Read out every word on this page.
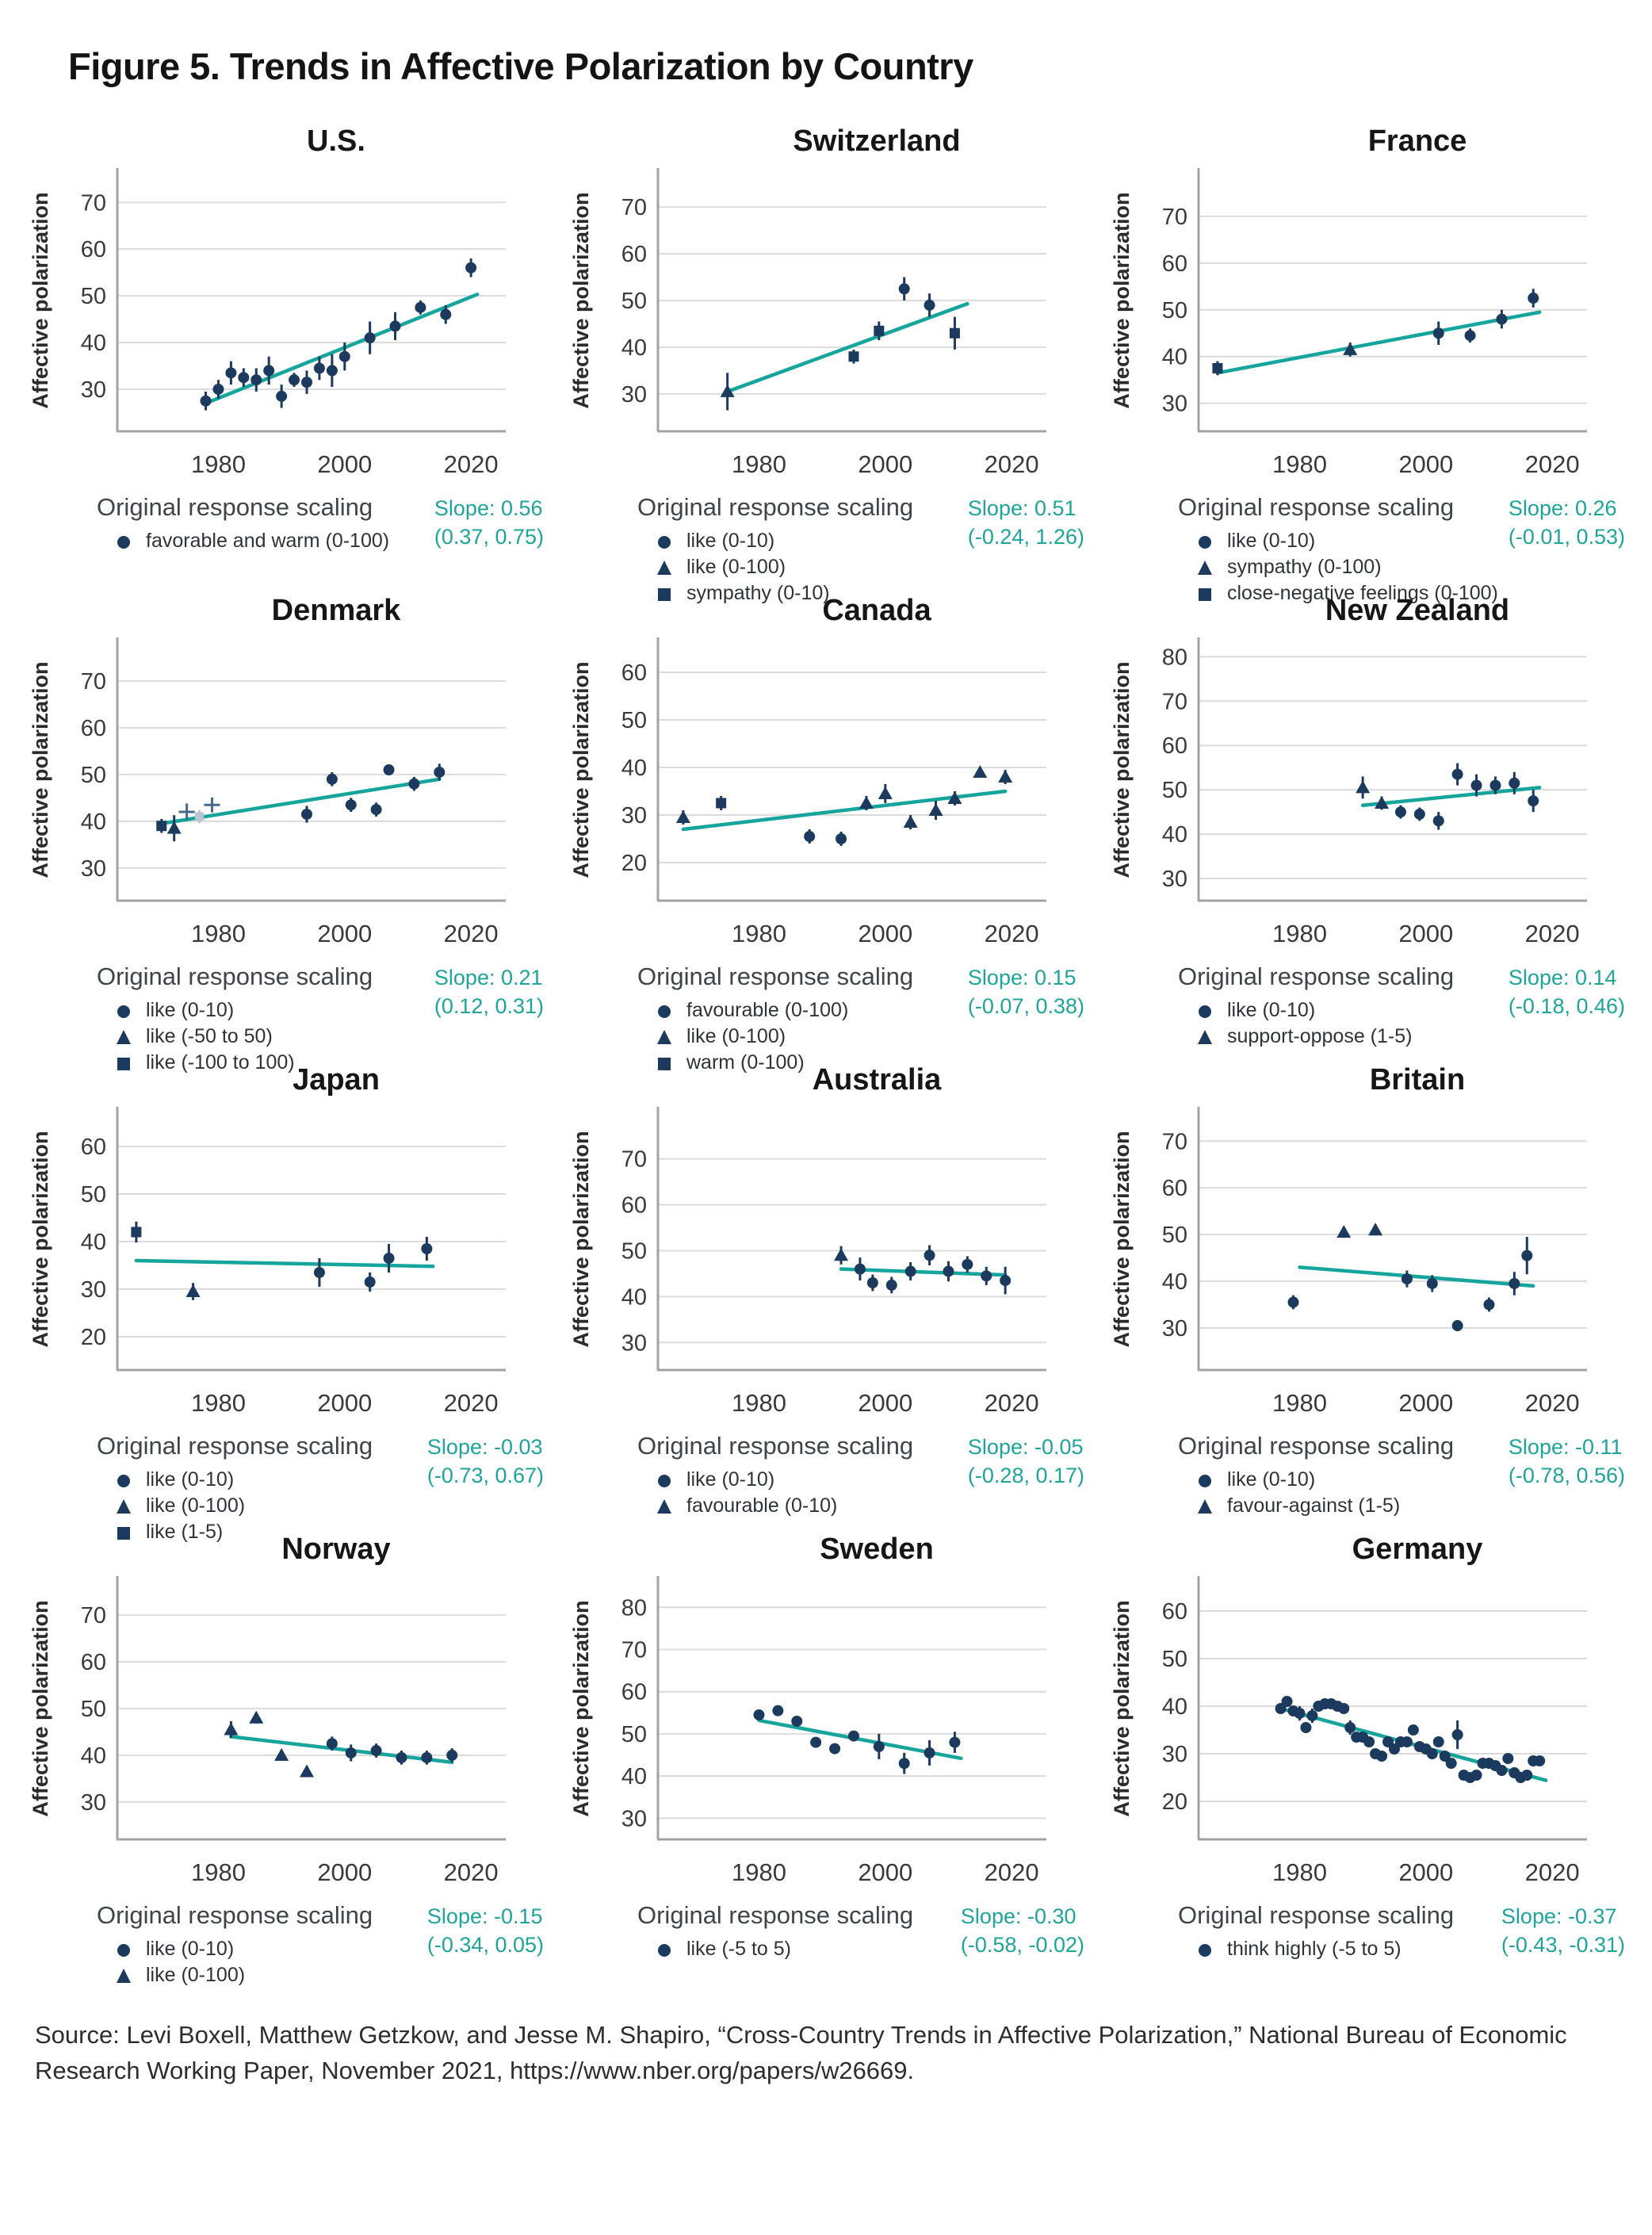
Figure 5. Trends in Affective Polarization by Country
U.S.
30
40
50
60
70
1980	2000	2020
Affective polarization
Original response scaling
favorable and warm (0-100)
Slope: 0.56
(0.37, 0.75)
Switzerland
30
40
50
60
70
1980	2000	2020
Affective polarization
Original response scaling
like (0-10)
like (0-100)
sympathy (0-10)
Slope: 0.51
(-0.24, 1.26)
France
30
40
50
60
70
1980	2000	2020
Affective polarization
Original response scaling
like (0-10)
sympathy (0-100)
close-negative feelings (0-100)
Slope: 0.26
(-0.01, 0.53)
Denmark
30
40
50
60
70
1980	2000	2020
Affective polarization
Original response scaling
like (0-10)
like (-50 to 50)
like (-100 to 100)
Slope: 0.21
(0.12, 0.31)
Canada
20
30
40
50
60
1980	2000	2020
Affective polarization
Original response scaling
favourable (0-100)
like (0-100)
warm (0-100)
Slope: 0.15
(-0.07, 0.38)
New Zealand
30
40
50
60
70
80
1980	2000	2020
Affective polarization
Original response scaling
like (0-10)
support-oppose (1-5)
Slope: 0.14
(-0.18, 0.46)
Japan
20
30
40
50
60
1980	2000	2020
Affective polarization
Original response scaling
like (0-10)
like (0-100)
like (1-5)
Slope: -0.03
(-0.73, 0.67)
Australia
30
40
50
60
70
1980	2000	2020
Affective polarization
Original response scaling
like (0-10)
favourable (0-10)
Slope: -0.05
(-0.28, 0.17)
Britain
30
40
50
60
70
1980	2000	2020
Affective polarization
Original response scaling
like (0-10)
favour-against (1-5)
Slope: -0.11
(-0.78, 0.56)
Norway
30
40
50
60
70
1980	2000	2020
Affective polarization
Original response scaling
like (0-10)
like (0-100)
Slope: -0.15
(-0.34, 0.05)
Sweden
30
40
50
60
70
80
1980	2000	2020
Affective polarization
Original response scaling
like (-5 to 5)
Slope: -0.30
(-0.58, -0.02)
Germany
20
30
40
50
60
1980	2000	2020
Affective polarization
Original response scaling
think highly (-5 to 5)
Slope: -0.37
(-0.43, -0.31)
Source: Levi Boxell, Matthew Getzkow, and Jesse M. Shapiro, “Cross-Country Trends in Affective Polarization,” National Bureau of Economic Research Working Paper, November 2021, https://www.nber.org/papers/w26669.
